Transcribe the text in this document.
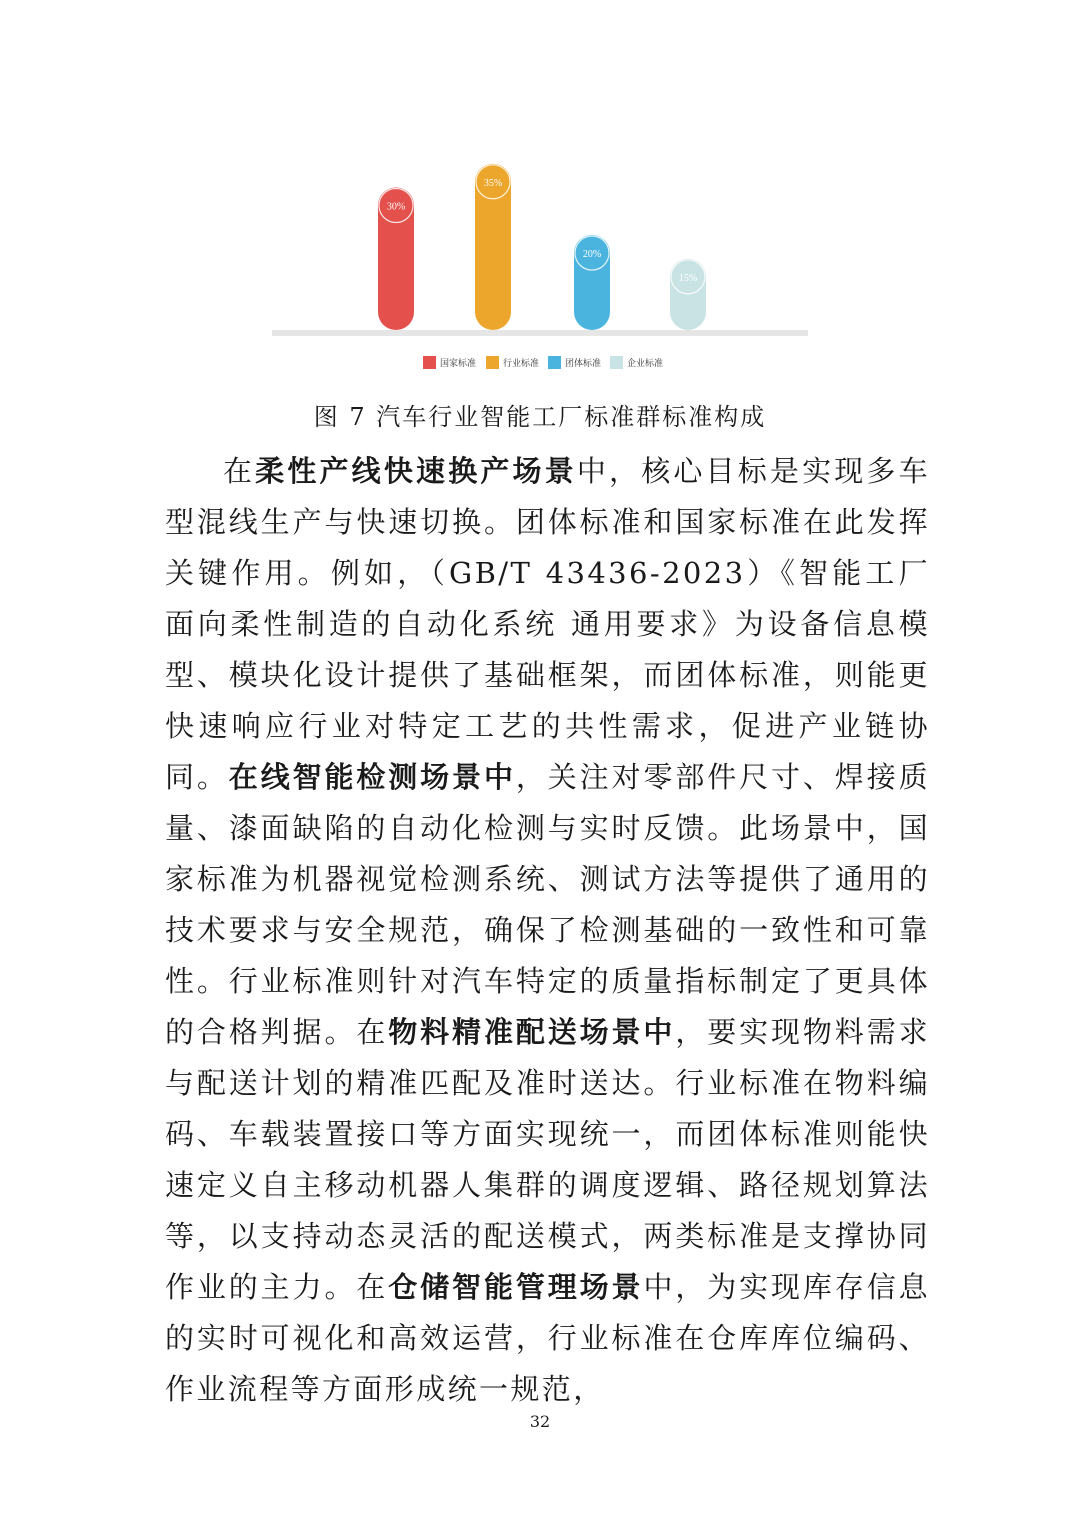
30%
35%
20%
15%
国家标准	行业标准	团体标准	企业标准
图 7 汽车行业智能工厂标准群标准构成
在柔性产线快速换产场景中，核心目标是实现多车型混线生产与快速切换。团体标准和国家标准在此发挥关键作用。例如，（GB/T 43436-2023）《智能工厂 面向柔性制造的自动化系统 通用要求》为设备信息模型、模块化设计提供了基础框架，而团体标准，则能更快速响应行业对特定工艺的共性需求，促进产业链协同。在线智能检测场景中，关注对零部件尺寸、焊接质量、漆面缺陷的自动化检测与实时反馈。此场景中，国家标准为机器视觉检测系统、测试方法等提供了通用的技术要求与安全规范，确保了检测基础的一致性和可靠性。行业标准则针对汽车特定的质量指标制定了更具体的合格判据。在物料精准配送场景中，要实现物料需求与配送计划的精准匹配及准时送达。行业标准在物料编码、车载装置接口等方面实现统一，而团体标准则能快速定义自主移动机器人集群的调度逻辑、路径规划算法等，以支持动态灵活的配送模式，两类标准是支撑协同作业的主力。在仓储智能管理场景中，为实现库存信息的实时可视化和高效运营，行业标准在仓库库位编码、作业流程等方面形成统一规范，
32
